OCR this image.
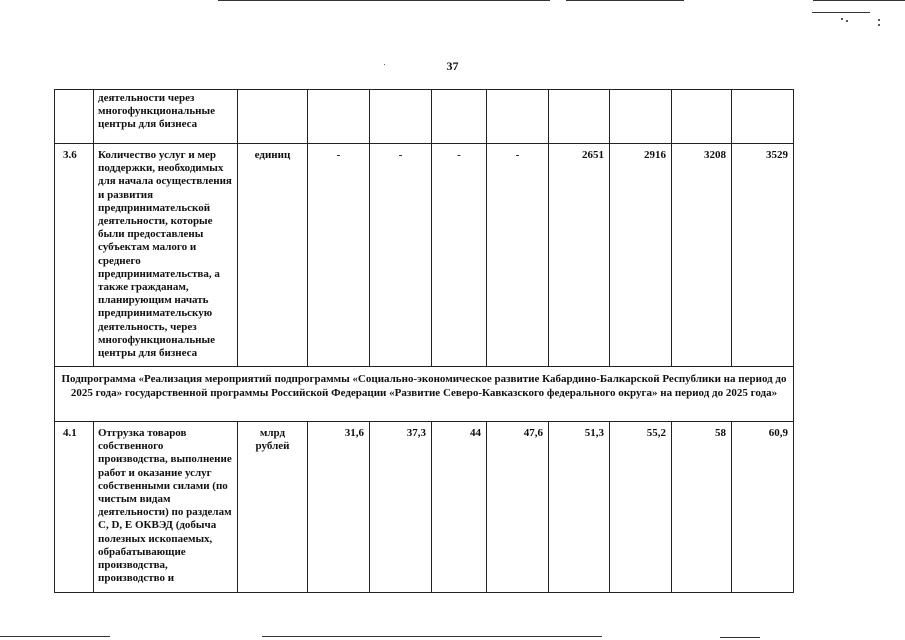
37
	деятельности через многофункциональные центры для бизнеса									
3.6	Количество услуг и мер поддержки, необходимых для начала осуществления и развития предпринимательской деятельности, которые были предоставлены субъектам малого и среднего предпринимательства, а также гражданам, планирующим начать предпринимательскую деятельность, через многофункциональные центры для бизнеса	единиц	-	-	-	-	2651	2916	3208	3529
Подпрограмма «Реализация мероприятий подпрограммы «Социально-экономическое развитие Кабардино-Балкарской Республики на период до 2025 года» государственной программы Российской Федерации «Развитие Северо-Кавказского федерального округа» на период до 2025 года»										
4.1	Отгрузка товаров собственного производства, выполнение работ и оказание услуг собственными силами (по чистым видам деятельности) по разделам C, D, E ОКВЭД (добыча полезных ископаемых, обрабатывающие производства, производство и	млрд рублей	31,6	37,3	44	47,6	51,3	55,2	58	60,9
